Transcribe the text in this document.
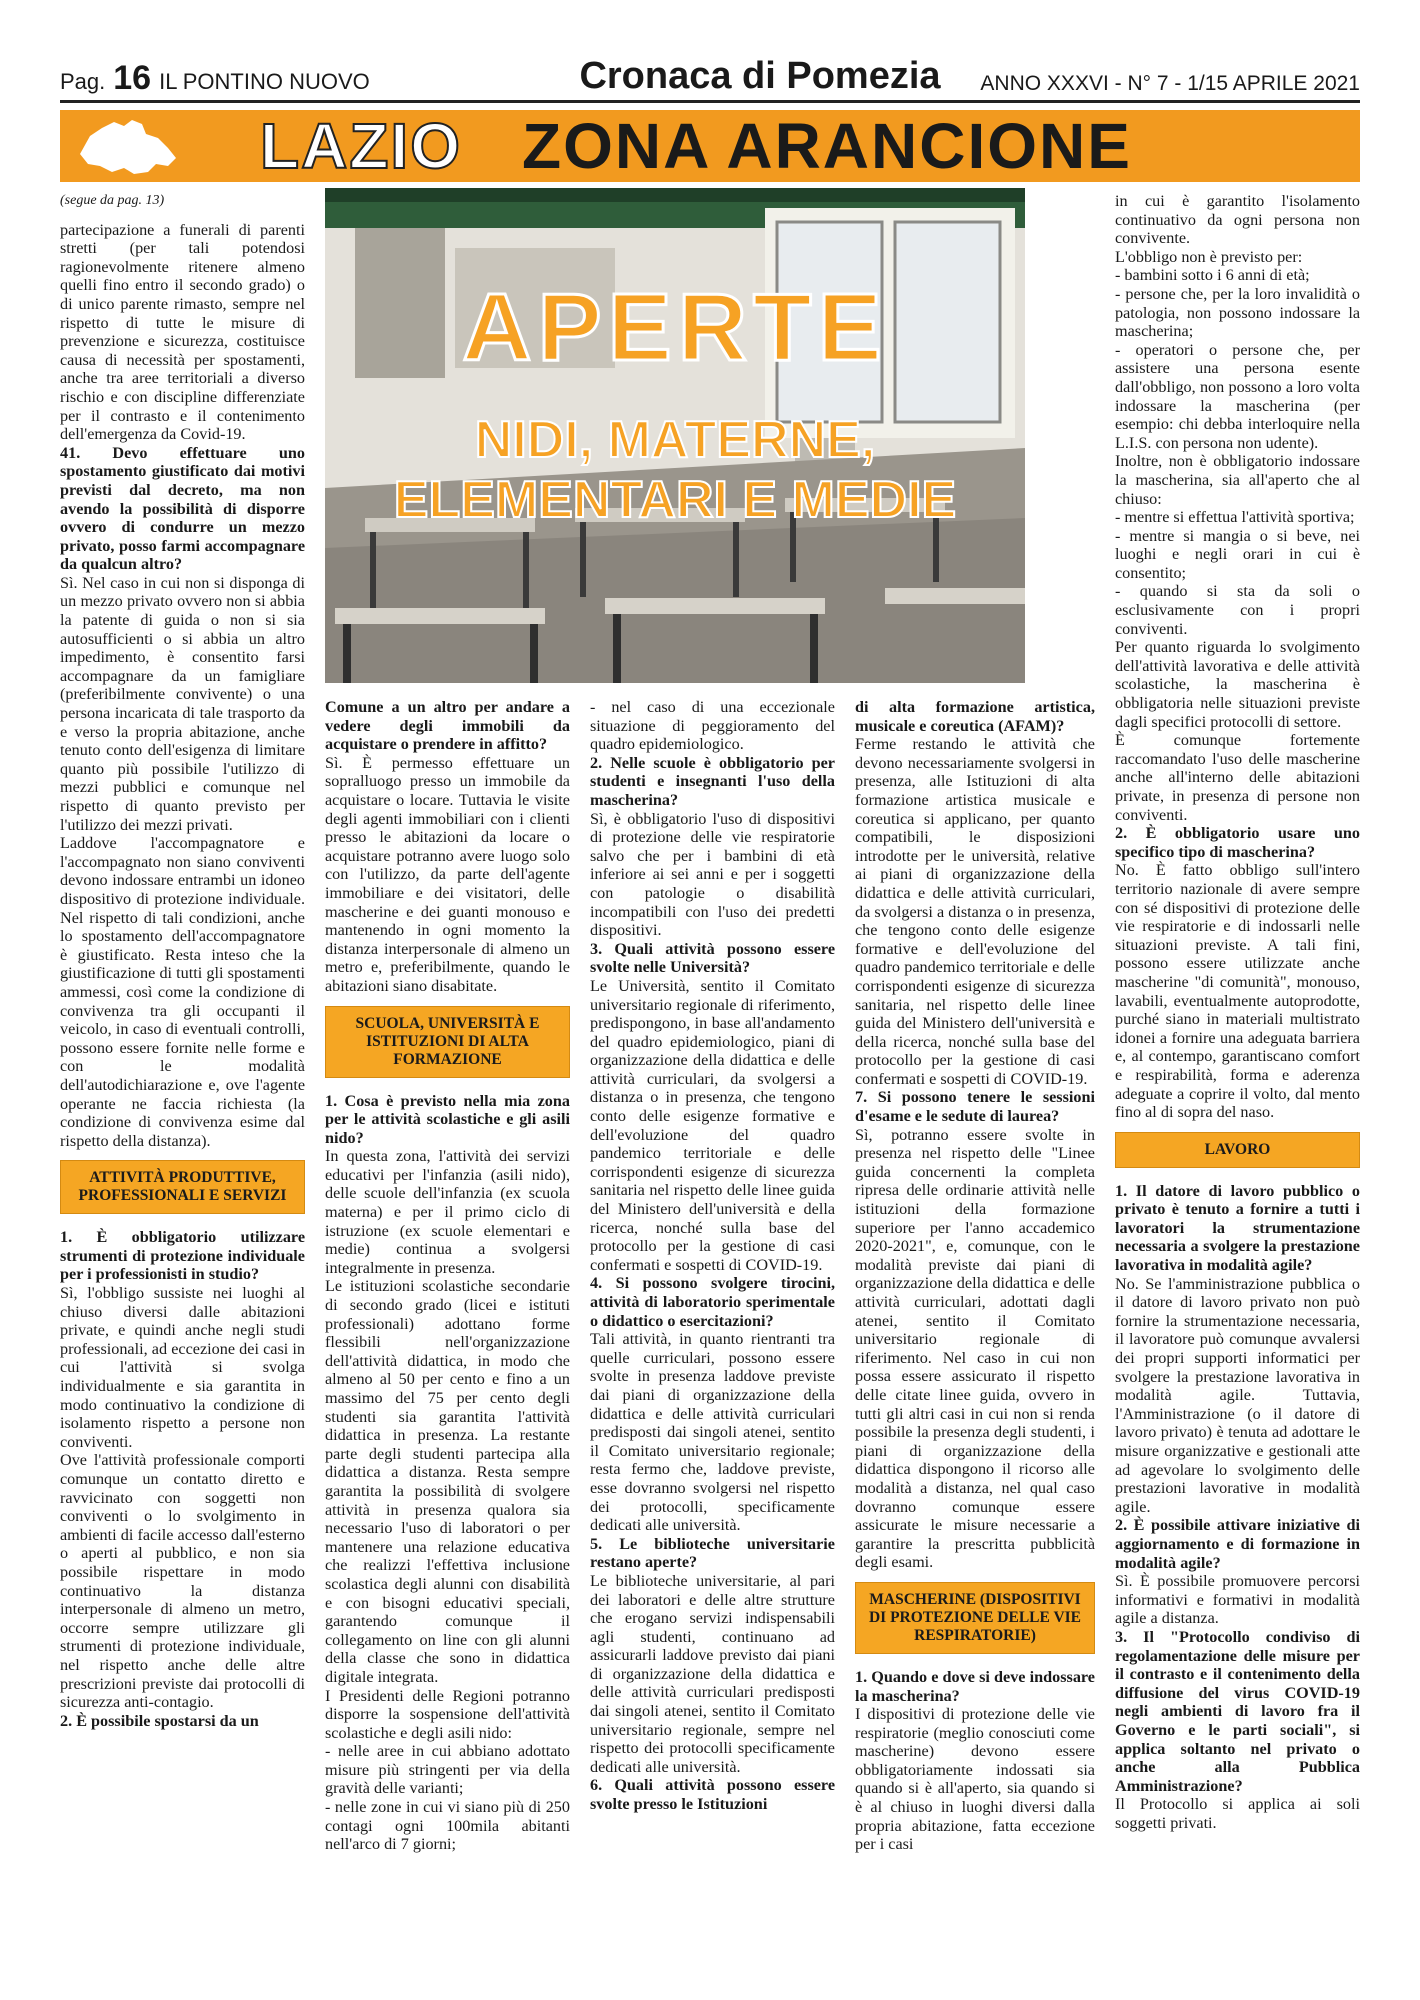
Pag. 16 IL PONTINO NUOVO	Cronaca di Pomezia	ANNO XXXVI - N° 7 - 1/15 APRILE 2021
LAZIO ZONA ARANCIONE
APERTE
NIDI, MATERNE,
ELEMENTARI E MEDIE

(segue da pag. 13)

partecipazione a funerali di parenti stretti (per tali potendosi ragionevolmente ritenere almeno quelli fino entro il secondo grado) o di unico parente rimasto, sempre nel rispetto di tutte le misure di prevenzione e sicurezza, costituisce causa di necessità per spostamenti, anche tra aree territoriali a diverso rischio e con discipline differenziate per il contrasto e il contenimento dell'emergenza da Covid-19.

41. Devo effettuare uno spostamento giustificato dai motivi previsti dal decreto, ma non avendo la possibilità di disporre ovvero di condurre un mezzo privato, posso farmi accompagnare da qualcun altro?

Sì. Nel caso in cui non si disponga di un mezzo privato ovvero non si abbia la patente di guida o non si sia autosufficienti o si abbia un altro impedimento, è consentito farsi accompagnare da un famigliare (preferibilmente convivente) o una persona incaricata di tale trasporto da e verso la propria abitazione, anche tenuto conto dell'esigenza di limitare quanto più possibile l'utilizzo di mezzi pubblici e comunque nel rispetto di quanto previsto per l'utilizzo dei mezzi privati.

Laddove l'accompagnatore e l'accompagnato non siano conviventi devono indossare entrambi un idoneo dispositivo di protezione individuale. Nel rispetto di tali condizioni, anche lo spostamento dell'accompagnatore è giustificato. Resta inteso che la giustificazione di tutti gli spostamenti ammessi, così come la condizione di convivenza tra gli occupanti il veicolo, in caso di eventuali controlli, possono essere fornite nelle forme e con le modalità dell'autodichiarazione e, ove l'agente operante ne faccia richiesta (la condizione di convivenza esime dal rispetto della distanza).

ATTIVITÀ PRODUTTIVE, PROFESSIONALI E SERVIZI

1. È obbligatorio utilizzare strumenti di protezione individuale per i professionisti in studio?

Sì, l'obbligo sussiste nei luoghi al chiuso diversi dalle abitazioni private, e quindi anche negli studi professionali, ad eccezione dei casi in cui l'attività si svolga individualmente e sia garantita in modo continuativo la condizione di isolamento rispetto a persone non conviventi.

Ove l'attività professionale comporti comunque un contatto diretto e ravvicinato con soggetti non conviventi o lo svolgimento in ambienti di facile accesso dall'esterno o aperti al pubblico, e non sia possibile rispettare in modo continuativo la distanza interpersonale di almeno un metro, occorre sempre utilizzare gli strumenti di protezione individuale, nel rispetto anche delle altre prescrizioni previste dai protocolli di sicurezza anti-contagio.

2. È possibile spostarsi da un

Comune a un altro per andare a vedere degli immobili da acquistare o prendere in affitto?

Sì. È permesso effettuare un sopralluogo presso un immobile da acquistare o locare. Tuttavia le visite degli agenti immobiliari con i clienti presso le abitazioni da locare o acquistare potranno avere luogo solo con l'utilizzo, da parte dell'agente immobiliare e dei visitatori, delle mascherine e dei guanti monouso e mantenendo in ogni momento la distanza interpersonale di almeno un metro e, preferibilmente, quando le abitazioni siano disabitate.

SCUOLA, UNIVERSITÀ E ISTITUZIONI DI ALTA FORMAZIONE

1. Cosa è previsto nella mia zona per le attività scolastiche e gli asili nido?

In questa zona, l'attività dei servizi educativi per l'infanzia (asili nido), delle scuole dell'infanzia (ex scuola materna) e per il primo ciclo di istruzione (ex scuole elementari e medie) continua a svolgersi integralmente in presenza.

Le istituzioni scolastiche secondarie di secondo grado (licei e istituti professionali) adottano forme flessibili nell'organizzazione dell'attività didattica, in modo che almeno al 50 per cento e fino a un massimo del 75 per cento degli studenti sia garantita l'attività didattica in presenza. La restante parte degli studenti partecipa alla didattica a distanza. Resta sempre garantita la possibilità di svolgere attività in presenza qualora sia necessario l'uso di laboratori o per mantenere una relazione educativa che realizzi l'effettiva inclusione scolastica degli alunni con disabilità e con bisogni educativi speciali, garantendo comunque il collegamento on line con gli alunni della classe che sono in didattica digitale integrata.

I Presidenti delle Regioni potranno disporre la sospensione dell'attività scolastiche e degli asili nido:

- nelle aree in cui abbiano adottato misure più stringenti per via della gravità delle varianti;

- nelle zone in cui vi siano più di 250 contagi ogni 100mila abitanti nell'arco di 7 giorni;

- nel caso di una eccezionale situazione di peggioramento del quadro epidemiologico.

2. Nelle scuole è obbligatorio per studenti e insegnanti l'uso della mascherina?

Sì, è obbligatorio l'uso di dispositivi di protezione delle vie respiratorie salvo che per i bambini di età inferiore ai sei anni e per i soggetti con patologie o disabilità incompatibili con l'uso dei predetti dispositivi.

3. Quali attività possono essere svolte nelle Università?

Le Università, sentito il Comitato universitario regionale di riferimento, predispongono, in base all'andamento del quadro epidemiologico, piani di organizzazione della didattica e delle attività curriculari, da svolgersi a distanza o in presenza, che tengono conto delle esigenze formative e dell'evoluzione del quadro pandemico territoriale e delle corrispondenti esigenze di sicurezza sanitaria nel rispetto delle linee guida del Ministero dell'università e della ricerca, nonché sulla base del protocollo per la gestione di casi confermati e sospetti di COVID-19.

4. Si possono svolgere tirocini, attività di laboratorio sperimentale o didattico o esercitazioni?

Tali attività, in quanto rientranti tra quelle curriculari, possono essere svolte in presenza laddove previste dai piani di organizzazione della didattica e delle attività curriculari predisposti dai singoli atenei, sentito il Comitato universitario regionale; resta fermo che, laddove previste, esse dovranno svolgersi nel rispetto dei protocolli, specificamente dedicati alle università.

5. Le biblioteche universitarie restano aperte?

Le biblioteche universitarie, al pari dei laboratori e delle altre strutture che erogano servizi indispensabili agli studenti, continuano ad assicurarli laddove previsto dai piani di organizzazione della didattica e delle attività curriculari predisposti dai singoli atenei, sentito il Comitato universitario regionale, sempre nel rispetto dei protocolli specificamente dedicati alle università.

6. Quali attività possono essere svolte presso le Istituzioni

di alta formazione artistica, musicale e coreutica (AFAM)?

Ferme restando le attività che devono necessariamente svolgersi in presenza, alle Istituzioni di alta formazione artistica musicale e coreutica si applicano, per quanto compatibili, le disposizioni introdotte per le università, relative ai piani di organizzazione della didattica e delle attività curriculari, da svolgersi a distanza o in presenza, che tengono conto delle esigenze formative e dell'evoluzione del quadro pandemico territoriale e delle corrispondenti esigenze di sicurezza sanitaria, nel rispetto delle linee guida del Ministero dell'università e della ricerca, nonché sulla base del protocollo per la gestione di casi confermati e sospetti di COVID-19.

7. Si possono tenere le sessioni d'esame e le sedute di laurea?

Sì, potranno essere svolte in presenza nel rispetto delle "Linee guida concernenti la completa ripresa delle ordinarie attività nelle istituzioni della formazione superiore per l'anno accademico 2020-2021", e, comunque, con le modalità previste dai piani di organizzazione della didattica e delle attività curriculari, adottati dagli atenei, sentito il Comitato universitario regionale di riferimento. Nel caso in cui non possa essere assicurato il rispetto delle citate linee guida, ovvero in tutti gli altri casi in cui non si renda possibile la presenza degli studenti, i piani di organizzazione della didattica dispongono il ricorso alle modalità a distanza, nel qual caso dovranno comunque essere assicurate le misure necessarie a garantire la prescritta pubblicità degli esami.

MASCHERINE (DISPOSITIVI DI PROTEZIONE DELLE VIE RESPIRATORIE)

1. Quando e dove si deve indossare la mascherina?

I dispositivi di protezione delle vie respiratorie (meglio conosciuti come mascherine) devono essere obbligatoriamente indossati sia quando si è all'aperto, sia quando si è al chiuso in luoghi diversi dalla propria abitazione, fatta eccezione per i casi

in cui è garantito l'isolamento continuativo da ogni persona non convivente.

L'obbligo non è previsto per:

- bambini sotto i 6 anni di età;

- persone che, per la loro invalidità o patologia, non possono indossare la mascherina;

- operatori o persone che, per assistere una persona esente dall'obbligo, non possono a loro volta indossare la mascherina (per esempio: chi debba interloquire nella L.I.S. con persona non udente).

Inoltre, non è obbligatorio indossare la mascherina, sia all'aperto che al chiuso:

- mentre si effettua l'attività sportiva;

- mentre si mangia o si beve, nei luoghi e negli orari in cui è consentito;

- quando si sta da soli o esclusivamente con i propri conviventi.

Per quanto riguarda lo svolgimento dell'attività lavorativa e delle attività scolastiche, la mascherina è obbligatoria nelle situazioni previste dagli specifici protocolli di settore.

È comunque fortemente raccomandato l'uso delle mascherine anche all'interno delle abitazioni private, in presenza di persone non conviventi.

2. È obbligatorio usare uno specifico tipo di mascherina?

No. È fatto obbligo sull'intero territorio nazionale di avere sempre con sé dispositivi di protezione delle vie respiratorie e di indossarli nelle situazioni previste. A tali fini, possono essere utilizzate anche mascherine "di comunità", monouso, lavabili, eventualmente autoprodotte, purché siano in materiali multistrato idonei a fornire una adeguata barriera e, al contempo, garantiscano comfort e respirabilità, forma e aderenza adeguate a coprire il volto, dal mento fino al di sopra del naso.

LAVORO

1. Il datore di lavoro pubblico o privato è tenuto a fornire a tutti i lavoratori la strumentazione necessaria a svolgere la prestazione lavorativa in modalità agile?

No. Se l'amministrazione pubblica o il datore di lavoro privato non può fornire la strumentazione necessaria, il lavoratore può comunque avvalersi dei propri supporti informatici per svolgere la prestazione lavorativa in modalità agile. Tuttavia, l'Amministrazione (o il datore di lavoro privato) è tenuta ad adottare le misure organizzative e gestionali atte ad agevolare lo svolgimento delle prestazioni lavorative in modalità agile.

2. È possibile attivare iniziative di aggiornamento e di formazione in modalità agile?

Sì. È possibile promuovere percorsi informativi e formativi in modalità agile a distanza.

3. Il "Protocollo condiviso di regolamentazione delle misure per il contrasto e il contenimento della diffusione del virus COVID-19 negli ambienti di lavoro fra il Governo e le parti sociali", si applica soltanto nel privato o anche alla Pubblica Amministrazione?

Il Protocollo si applica ai soli soggetti privati.
